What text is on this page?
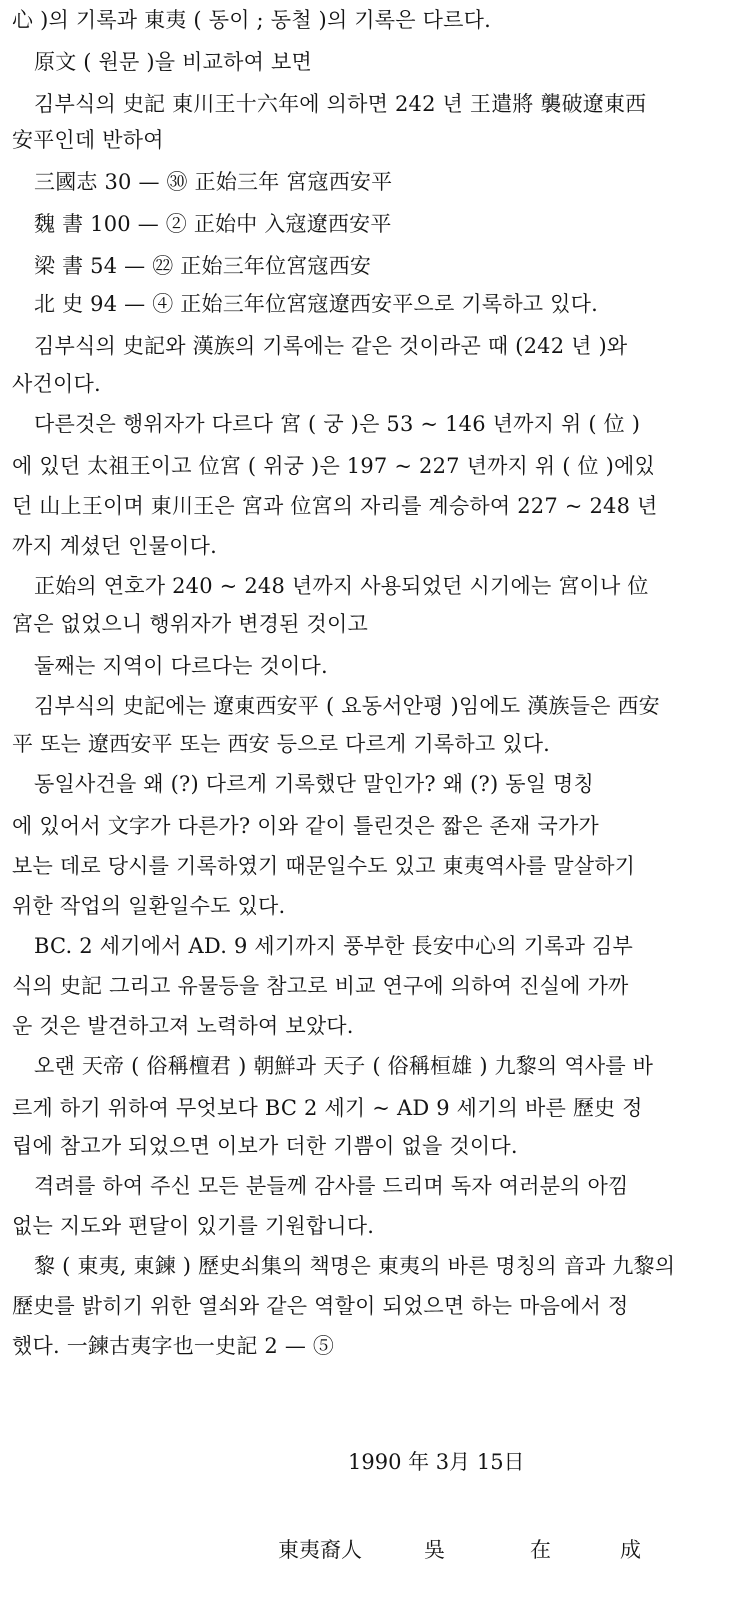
心 )의 기록과 東夷 ( 동이 ; 동철 )의 기록은 다르다.
原文 ( 원문 )을 비교하여 보면
김부식의 史記 東川王十六年에 의하면 242 년 王遣將 襲破遼東西
安平인데 반하여
三國志 30 — ㉚ 正始三年 宮寇西安平
魏 書 100 — ② 正始中 入寇遼西安平
梁 書 54 — ㉒ 正始三年位宮寇西安
北 史 94 — ④ 正始三年位宮寇遼西安平으로 기록하고 있다.
김부식의 史記와 漢族의 기록에는 같은 것이라곤 때 (242 년 )와
사건이다.
다른것은 행위자가 다르다 宮 ( 궁 )은 53 ~ 146 년까지 위 ( 位 )
에 있던 太祖王이고 位宮 ( 위궁 )은 197 ~ 227 년까지 위 ( 位 )에있
던 山上王이며 東川王은 宮과 位宮의 자리를 계승하여 227 ~ 248 년
까지 계셨던 인물이다.
正始의 연호가 240 ~ 248 년까지 사용되었던 시기에는 宮이나 位
宮은 없었으니 행위자가 변경된 것이고
둘째는 지역이 다르다는 것이다.
김부식의 史記에는 遼東西安平 ( 요동서안평 )임에도 漢族들은 西安
平 또는 遼西安平 또는 西安 등으로 다르게 기록하고 있다.
동일사건을 왜 (?) 다르게 기록했단 말인가? 왜 (?) 동일 명칭
에 있어서 文字가 다른가? 이와 같이 틀린것은 짧은 존재 국가가
보는 데로 당시를 기록하였기 때문일수도 있고 東夷역사를 말살하기
위한 작업의 일환일수도 있다.
BC. 2 세기에서 AD. 9 세기까지 풍부한 長安中心의 기록과 김부
식의 史記 그리고 유물등을 참고로 비교 연구에 의하여 진실에 가까
운 것은 발견하고져 노력하여 보았다.
오랜 天帝 ( 俗稱檀君 ) 朝鮮과 天子 ( 俗稱桓雄 ) 九黎의 역사를 바
르게 하기 위하여 무엇보다 BC 2 세기 ~ AD 9 세기의 바른 歷史 정
립에 참고가 되었으면 이보가 더한 기쁨이 없을 것이다.
격려를 하여 주신 모든 분들께 감사를 드리며 독자 여러분의 아낌
없는 지도와 편달이 있기를 기원합니다.
黎 ( 東夷, 東鍊 ) 歷史쇠集의 책명은 東夷의 바른 명칭의 音과 九黎의
歷史를 밝히기 위한 열쇠와 같은 역할이 되었으면 하는 마음에서 정
했다. 一鍊古夷字也一史記 2 — ⑤
1990 年 3月 15日
東夷裔人	吳	在	成
